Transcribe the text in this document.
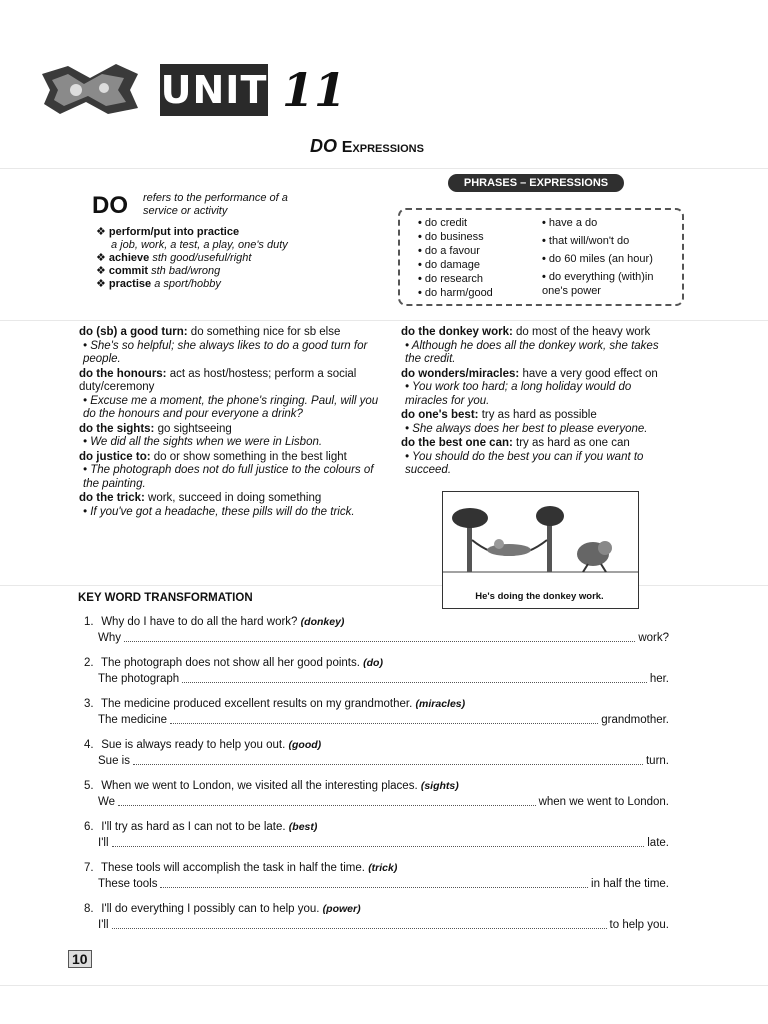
UNIT 11
DO Expressions
DO refers to the performance of a service or activity
❖ perform/put into practice
a job, work, a test, a play, one's duty
❖ achieve sth good/useful/right
❖ commit sth bad/wrong
❖ practise a sport/hobby
PHRASES – EXPRESSIONS
• do credit
• do business
• do a favour
• do damage
• do research
• do harm/good
• have a do
• that will/won't do
• do 60 miles (an hour)
• do everything (with)in one's power
do (sb) a good turn: do something nice for sb else
• She's so helpful; she always likes to do a good turn for people.
do the honours: act as host/hostess; perform a social duty/ceremony
• Excuse me a moment, the phone's ringing. Paul, will you do the honours and pour everyone a drink?
do the sights: go sightseeing
• We did all the sights when we were in Lisbon.
do justice to: do or show something in the best light
• The photograph does not do full justice to the colours of the painting.
do the trick: work, succeed in doing something
• If you've got a headache, these pills will do the trick.
do the donkey work: do most of the heavy work
• Although he does all the donkey work, she takes the credit.
do wonders/miracles: have a very good effect on
• You work too hard; a long holiday would do miracles for you.
do one's best: try as hard as possible
• She always does her best to please everyone.
do the best one can: try as hard as one can
• You should do the best you can if you want to succeed.
He's doing the donkey work.
KEY WORD TRANSFORMATION
1. Why do I have to do all the hard work? (donkey)
Why	work?
2. The photograph does not show all her good points. (do)
The photograph	her.
3. The medicine produced excellent results on my grandmother. (miracles)
The medicine	grandmother.
4. Sue is always ready to help you out. (good)
Sue is	turn.
5. When we went to London, we visited all the interesting places. (sights)
We	when we went to London.
6. I'll try as hard as I can not to be late. (best)
I'll	late.
7. These tools will accomplish the task in half the time. (trick)
These tools	in half the time.
8. I'll do everything I possibly can to help you. (power)
I'll	to help you.
10
